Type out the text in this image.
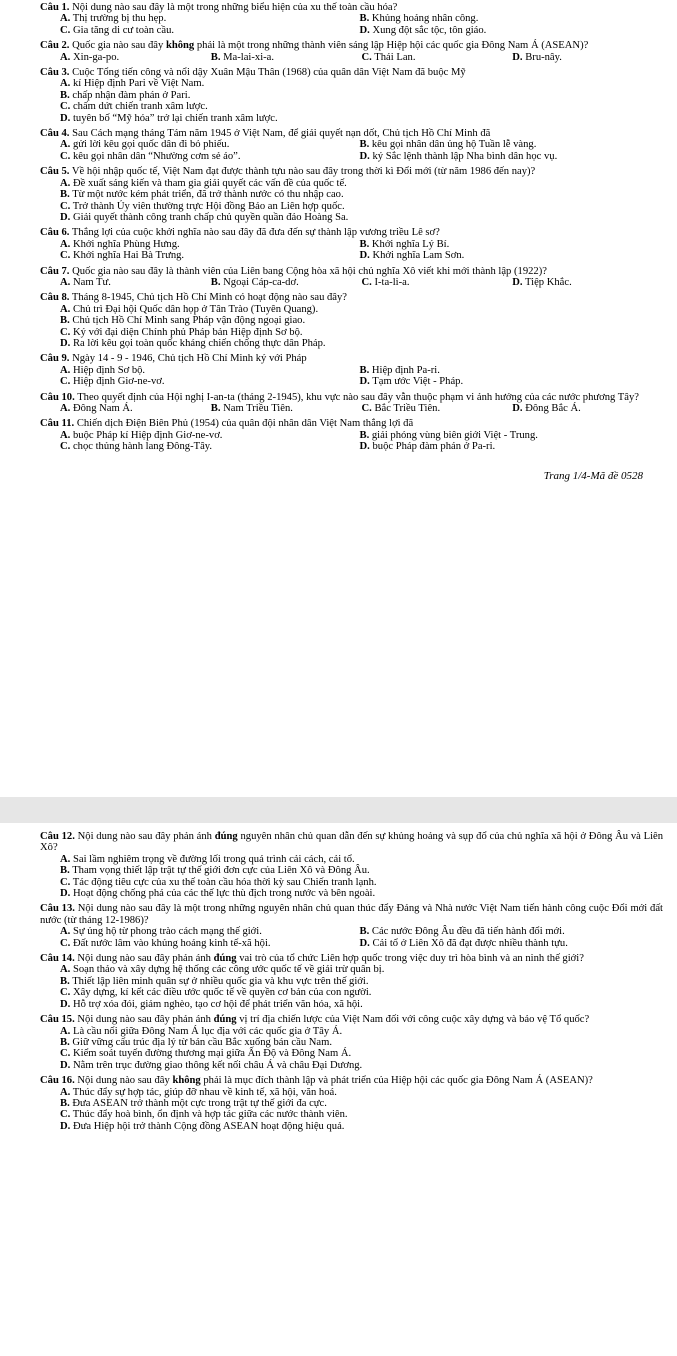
Câu 1. Nội dung nào sau đây là một trong những biểu hiện của xu thế toàn cầu hóa?
A. Thị trường bị thu hẹp.	B. Khủng hoảng nhân công.
C. Gia tăng di cư toàn cầu.	D. Xung đột sắc tộc, tôn giáo.
Câu 2. Quốc gia nào sau đây không phải là một trong những thành viên sáng lập Hiệp hội các quốc gia Đông Nam Á (ASEAN)?
A. Xin-ga-po.	B. Ma-lai-xi-a.	C. Thái Lan.	D. Bru-nây.
Câu 3. Cuộc Tổng tiến công và nổi dậy Xuân Mậu Thân (1968) của quân dân Việt Nam đã buộc Mỹ
A. kí Hiệp định Pari về Việt Nam.
B. chấp nhận đàm phán ở Pari.
C. chấm dứt chiến tranh xâm lược.
D. tuyên bố “Mỹ hóa” trở lại chiến tranh xâm lược.
Câu 4. Sau Cách mạng tháng Tám năm 1945 ở Việt Nam, để giải quyết nạn dốt, Chủ tịch Hồ Chí Minh đã
A. gửi lời kêu gọi quốc dân đi bỏ phiếu.	B. kêu gọi nhân dân ủng hộ Tuần lễ vàng.
C. kêu gọi nhân dân “Nhường cơm sẻ áo”.	D. ký Sắc lệnh thành lập Nha bình dân học vụ.
Câu 5. Về hội nhập quốc tế, Việt Nam đạt được thành tựu nào sau đây trong thời kì Đổi mới (từ năm 1986 đến nay)?
A. Đề xuất sáng kiến và tham gia giải quyết các vấn đề của quốc tế.
B. Từ một nước kém phát triển, đã trở thành nước có thu nhập cao.
C. Trở thành Ủy viên thường trực Hội đồng Bảo an Liên hợp quốc.
D. Giải quyết thành công tranh chấp chủ quyền quần đảo Hoàng Sa.
Câu 6. Thắng lợi của cuộc khởi nghĩa nào sau đây đã đưa đến sự thành lập vương triều Lê sơ?
A. Khởi nghĩa Phùng Hưng.	B. Khởi nghĩa Lý Bí.
C. Khởi nghĩa Hai Bà Trưng.	D. Khởi nghĩa Lam Sơn.
Câu 7. Quốc gia nào sau đây là thành viên của Liên bang Cộng hòa xã hội chủ nghĩa Xô viết khi mới thành lập (1922)?
A. Nam Tư.	B. Ngoại Cáp-ca-dơ.	C. I-ta-li-a.	D. Tiệp Khắc.
Câu 8. Tháng 8-1945, Chủ tịch Hồ Chí Minh có hoạt động nào sau đây?
A. Chủ trì Đại hội Quốc dân họp ở Tân Trào (Tuyên Quang).
B. Chủ tịch Hồ Chí Minh sang Pháp vận động ngoại giao.
C. Ký với đại diện Chính phủ Pháp bản Hiệp định Sơ bộ.
D. Ra lời kêu gọi toàn quốc kháng chiến chống thực dân Pháp.
Câu 9. Ngày 14 - 9 - 1946, Chủ tịch Hồ Chí Minh ký với Pháp
A. Hiệp định Sơ bộ.	B. Hiệp định Pa-ri.
C. Hiệp định Giơ-ne-vơ.	D. Tạm ước Việt - Pháp.
Câu 10. Theo quyết định của Hội nghị I-an-ta (tháng 2-1945), khu vực nào sau đây vẫn thuộc phạm vi ảnh hưởng của các nước phương Tây?
A. Đông Nam Á.	B. Nam Triều Tiên.	C. Bắc Triều Tiên.	D. Đông Bắc Á.
Câu 11. Chiến dịch Điện Biên Phủ (1954) của quân đội nhân dân Việt Nam thắng lợi đã
A. buộc Pháp kí Hiệp định Giơ-ne-vơ.	B. giải phóng vùng biên giới Việt - Trung.
C. chọc thủng hành lang Đông-Tây.	D. buộc Pháp đàm phán ở Pa-ri.
Trang 1/4-Mã đề 0528
Câu 12. Nội dung nào sau đây phản ánh đúng nguyên nhân chủ quan dẫn đến sự khủng hoảng và sụp đổ của chủ nghĩa xã hội ở Đông Âu và Liên Xô?
A. Sai lầm nghiêm trọng về đường lối trong quá trình cải cách, cải tổ.
B. Tham vọng thiết lập trật tự thế giới đơn cực của Liên Xô và Đông Âu.
C. Tác động tiêu cực của xu thế toàn cầu hóa thời kỳ sau Chiến tranh lạnh.
D. Hoạt động chống phá của các thế lực thù địch trong nước và bên ngoài.
Câu 13. Nội dung nào sau đây là một trong những nguyên nhân chủ quan thúc đẩy Đảng và Nhà nước Việt Nam tiến hành công cuộc Đổi mới đất nước (từ tháng 12-1986)?
A. Sự ủng hộ từ phong trào cách mạng thế giới.	B. Các nước Đông Âu đều đã tiến hành đổi mới.
C. Đất nước lâm vào khủng hoảng kinh tế-xã hội.	D. Cải tổ ở Liên Xô đã đạt được nhiều thành tựu.
Câu 14. Nội dung nào sau đây phản ánh đúng vai trò của tổ chức Liên hợp quốc trong việc duy trì hòa bình và an ninh thế giới?
A. Soạn thảo và xây dựng hệ thống các công ước quốc tế về giải trừ quân bị.
B. Thiết lập liên minh quân sự ở nhiều quốc gia và khu vực trên thế giới.
C. Xây dựng, kí kết các điều ước quốc tế về quyền cơ bản của con người.
D. Hỗ trợ xóa đói, giảm nghèo, tạo cơ hội để phát triển văn hóa, xã hội.
Câu 15. Nội dung nào sau đây phản ánh đúng vị trí địa chiến lược của Việt Nam đối với công cuộc xây dựng và bảo vệ Tổ quốc?
A. Là cầu nối giữa Đông Nam Á lục địa với các quốc gia ở Tây Á.
B. Giữ vững cấu trúc địa lý từ bán cầu Bắc xuống bán cầu Nam.
C. Kiểm soát tuyến đường thương mại giữa Ấn Độ và Đông Nam Á.
D. Nằm trên trục đường giao thông kết nối châu Á và châu Đại Dương.
Câu 16. Nội dung nào sau đây không phải là mục đích thành lập và phát triển của Hiệp hội các quốc gia Đông Nam Á (ASEAN)?
A. Thúc đẩy sự hợp tác, giúp đỡ nhau về kinh tế, xã hội, văn hoá.
B. Đưa ASEAN trở thành một cực trong trật tự thế giới đa cực.
C. Thúc đẩy hoà bình, ổn định và hợp tác giữa các nước thành viên.
D. Đưa Hiệp hội trở thành Cộng đồng ASEAN hoạt động hiệu quả.
